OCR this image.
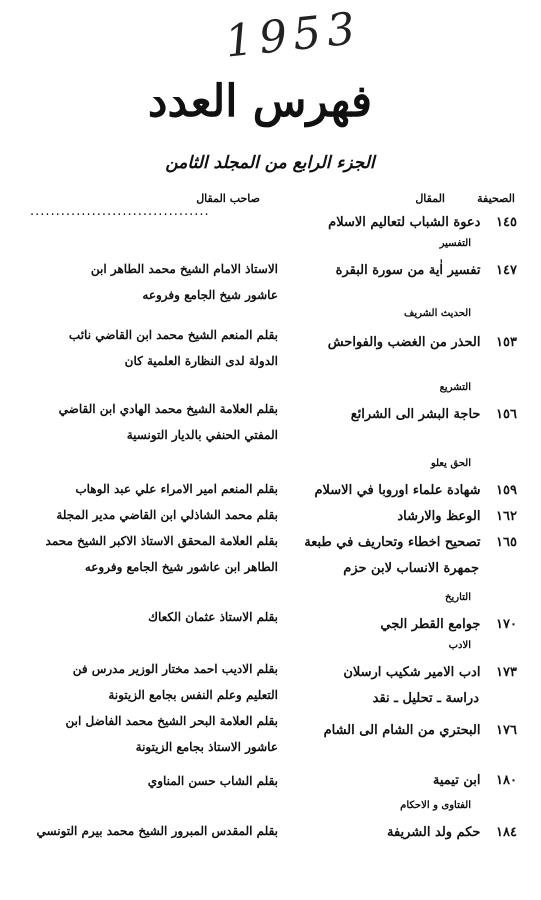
1953
فهرس العدد
الجزء الرابع من المجلد الثامن
الصحيفة
المقال
صاحب المقال
...................................
١٤٥ دعوة الشباب لتعاليم الاسلام
التفسير
١٤٧ تفسير اٰية من سورة البقرة
الاستاذ الامام الشيخ محمد الطاهر ابن
عاشور شيخ الجامع وفروعه
الحديث الشريف
١٥٣ الحذر من الغضب والفواحش
بقلم المنعم الشيخ محمد ابن القاضي نائب
الدولة لدى النظارة العلمية كان
التشريع
١٥٦ حاجة البشر الى الشرائع
بقلم العلامة الشيخ محمد الهادي ابن القاضي
المفتي الحنفي بالديار التونسية
الحق يعلو
١٥٩ شهادة علماء اوروبا في الاسلام
بقلم المنعم امير الامراء علي عبد الوهاب
١٦٢ الوعظ والارشاد
بقلم محمد الشاذلي ابن القاضي مدير المجلة
١٦٥ تصحيح اخطاء وتحاريف في طبعة
جمهرة الانساب لابن حزم
بقلم العلامة المحقق الاستاذ الاكبر الشيخ محمد
الطاهر ابن عاشور شيخ الجامع وفروعه
التاريخ
١٧٠ جوامع القطر الجي
بقلم الاستاذ عثمان الكعاك
الادب
١٧٣ ادب الامير شكيب ارسلان
دراسة ـ تحليل ـ نقد
بقلم الاديب احمد مختار الوزير مدرس فن
التعليم وعلم النفس بجامع الزيتونة
١٧٦ البحتري من الشام الى الشام
بقلم العلامة البحر الشيخ محمد الفاضل ابن
عاشور الاستاذ بجامع الزيتونة
١٨٠ ابن تيمية
بقلم الشاب حسن المناوي
الفتاوى و الاحكام
١٨٤ حكم ولد الشريفة
بقلم المقدس المبرور الشيخ محمد بيرم التونسي
